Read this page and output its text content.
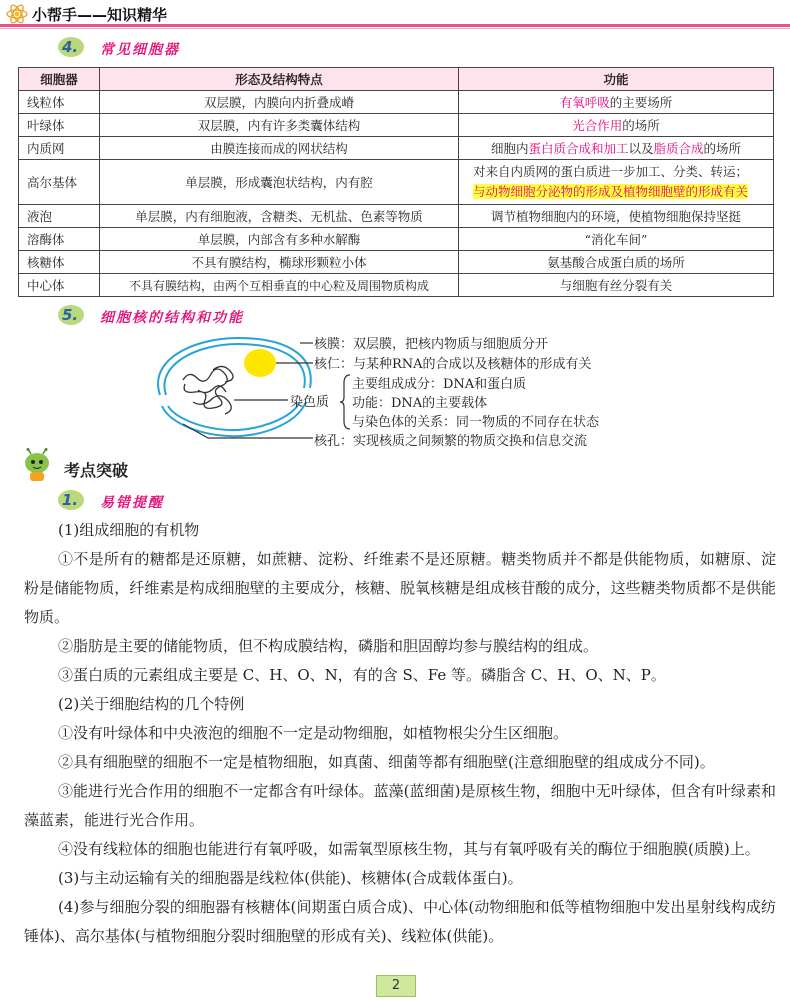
小帮手——知识精华
4. 常见细胞器
细胞器	形态及结构特点	功能
线粒体	双层膜，内膜向内折叠成嵴	有氧呼吸的主要场所
叶绿体	双层膜，内有许多类囊体结构	光合作用的场所
内质网	由膜连接而成的网状结构	细胞内蛋白质合成和加工以及脂质合成的场所
高尔基体	单层膜，形成囊泡状结构，内有腔	对来自内质网的蛋白质进一步加工、分类、转运；
与动物细胞分泌物的形成及植物细胞壁的形成有关

液泡	单层膜，内有细胞液，含糖类、无机盐、色素等物质	调节植物细胞内的环境，使植物细胞保持坚挺
溶酶体	单层膜，内部含有多种水解酶	“消化车间”
核糖体	不具有膜结构，椭球形颗粒小体	氨基酸合成蛋白质的场所
中心体	不具有膜结构，由两个互相垂直的中心粒及周围物质构成	与细胞有丝分裂有关
5. 细胞核的结构和功能
核膜：双层膜，把核内物质与细胞质分开
核仁：与某种RNA的合成以及核糖体的形成有关
染色质
主要组成成分：DNA和蛋白质
功能：DNA的主要载体
与染色体的关系：同一物质的不同存在状态
核孔：实现核质之间频繁的物质交换和信息交流
考点突破
1. 易错提醒

(1)组成细胞的有机物

①不是所有的糖都是还原糖，如蔗糖、淀粉、纤维素不是还原糖。糖类物质并不都是供能物质，如糖原、淀粉是储能物质，纤维素是构成细胞壁的主要成分，核糖、脱氧核糖是组成核苷酸的成分，这些糖类物质都不是供能物质。

②脂肪是主要的储能物质，但不构成膜结构，磷脂和胆固醇均参与膜结构的组成。

③蛋白质的元素组成主要是 C、H、O、N，有的含 S、Fe 等。磷脂含 C、H、O、N、P。

(2)关于细胞结构的几个特例

①没有叶绿体和中央液泡的细胞不一定是动物细胞，如植物根尖分生区细胞。

②具有细胞壁的细胞不一定是植物细胞，如真菌、细菌等都有细胞壁(注意细胞壁的组成成分不同)。

③能进行光合作用的细胞不一定都含有叶绿体。蓝藻(蓝细菌)是原核生物，细胞中无叶绿体，但含有叶绿素和藻蓝素，能进行光合作用。

④没有线粒体的细胞也能进行有氧呼吸，如需氧型原核生物，其与有氧呼吸有关的酶位于细胞膜(质膜)上。

(3)与主动运输有关的细胞器是线粒体(供能)、核糖体(合成载体蛋白)。

(4)参与细胞分裂的细胞器有核糖体(间期蛋白质合成)、中心体(动物细胞和低等植物细胞中发出星射线构成纺锤体)、高尔基体(与植物细胞分裂时细胞壁的形成有关)、线粒体(供能)。

2
